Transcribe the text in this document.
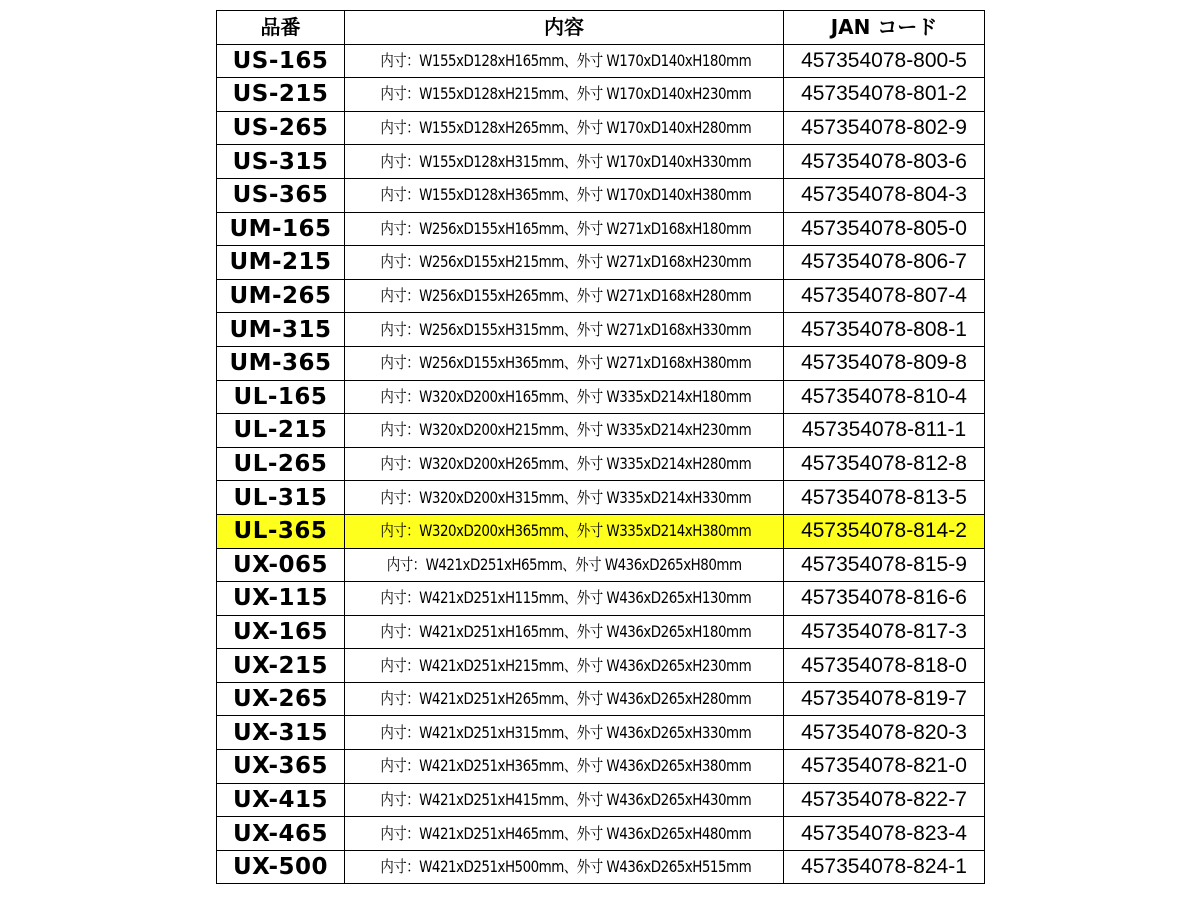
品番	内容	JAN コード
US-165	内寸：W155xD128xH165mm、外寸 W170xD140xH180mm	457354078-800-5
US-215	内寸：W155xD128xH215mm、外寸 W170xD140xH230mm	457354078-801-2
US-265	内寸：W155xD128xH265mm、外寸 W170xD140xH280mm	457354078-802-9
US-315	内寸：W155xD128xH315mm、外寸 W170xD140xH330mm	457354078-803-6
US-365	内寸：W155xD128xH365mm、外寸 W170xD140xH380mm	457354078-804-3
UM-165	内寸：W256xD155xH165mm、外寸 W271xD168xH180mm	457354078-805-0
UM-215	内寸：W256xD155xH215mm、外寸 W271xD168xH230mm	457354078-806-7
UM-265	内寸：W256xD155xH265mm、外寸 W271xD168xH280mm	457354078-807-4
UM-315	内寸：W256xD155xH315mm、外寸 W271xD168xH330mm	457354078-808-1
UM-365	内寸：W256xD155xH365mm、外寸 W271xD168xH380mm	457354078-809-8
UL-165	内寸：W320xD200xH165mm、外寸 W335xD214xH180mm	457354078-810-4
UL-215	内寸：W320xD200xH215mm、外寸 W335xD214xH230mm	457354078-811-1
UL-265	内寸：W320xD200xH265mm、外寸 W335xD214xH280mm	457354078-812-8
UL-315	内寸：W320xD200xH315mm、外寸 W335xD214xH330mm	457354078-813-5
UL-365	内寸：W320xD200xH365mm、外寸 W335xD214xH380mm	457354078-814-2
UX-065	内寸：W421xD251xH65mm、外寸 W436xD265xH80mm	457354078-815-9
UX-115	内寸：W421xD251xH115mm、外寸 W436xD265xH130mm	457354078-816-6
UX-165	内寸：W421xD251xH165mm、外寸 W436xD265xH180mm	457354078-817-3
UX-215	内寸：W421xD251xH215mm、外寸 W436xD265xH230mm	457354078-818-0
UX-265	内寸：W421xD251xH265mm、外寸 W436xD265xH280mm	457354078-819-7
UX-315	内寸：W421xD251xH315mm、外寸 W436xD265xH330mm	457354078-820-3
UX-365	内寸：W421xD251xH365mm、外寸 W436xD265xH380mm	457354078-821-0
UX-415	内寸：W421xD251xH415mm、外寸 W436xD265xH430mm	457354078-822-7
UX-465	内寸：W421xD251xH465mm、外寸 W436xD265xH480mm	457354078-823-4
UX-500	内寸：W421xD251xH500mm、外寸 W436xD265xH515mm	457354078-824-1
